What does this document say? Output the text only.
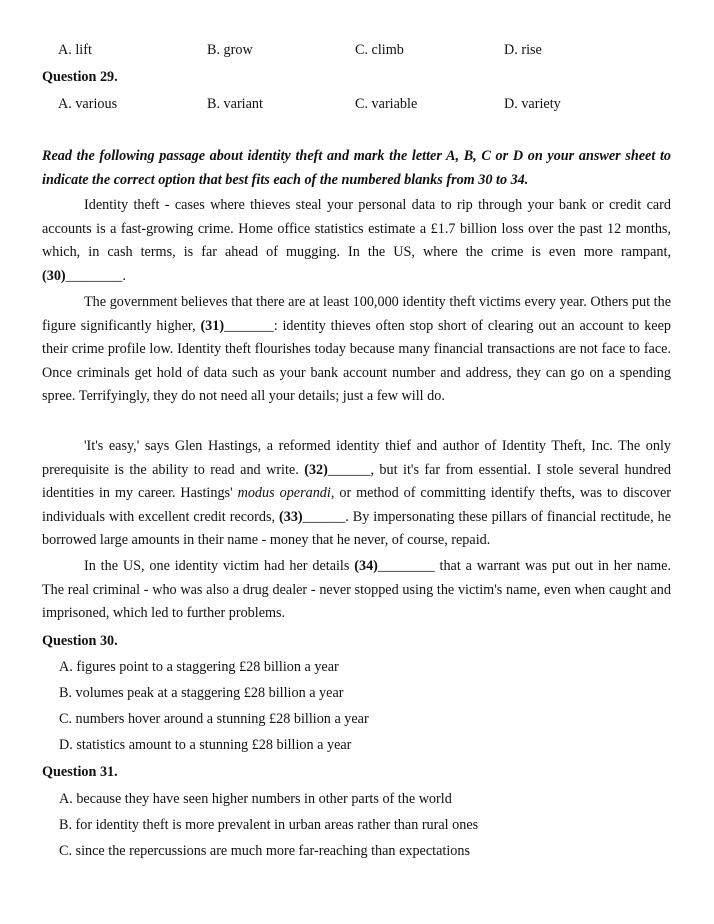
A. lift	B. grow	C. climb	D. rise
Question 29.
A. various	B. variant	C. variable	D. variety
Read the following passage about identity theft and mark the letter A, B, C or D on your answer sheet to indicate the correct option that best fits each of the numbered blanks from 30 to 34.

Identity theft - cases where thieves steal your personal data to rip through your bank or credit card accounts is a fast-growing crime. Home office statistics estimate a £1.7 billion loss over the past 12 months, which, in cash terms, is far ahead of mugging. In the US, where the crime is even more rampant, (30)________.

The government believes that there are at least 100,000 identity theft victims every year. Others put the figure significantly higher, (31)_______: identity thieves often stop short of clearing out an account to keep their crime profile low. Identity theft flourishes today because many financial transactions are not face to face. Once criminals get hold of data such as your bank account number and address, they can go on a spending spree. Terrifyingly, they do not need all your details; just a few will do.

'It's easy,' says Glen Hastings, a reformed identity thief and author of Identity Theft, Inc. The only prerequisite is the ability to read and write. (32)______, but it's far from essential. I stole several hundred identities in my career. Hastings' modus operandi, or method of committing identify thefts, was to discover individuals with excellent credit records, (33)______. By impersonating these pillars of financial rectitude, he borrowed large amounts in their name - money that he never, of course, repaid.

In the US, one identity victim had her details (34)________ that a warrant was put out in her name. The real criminal - who was also a drug dealer - never stopped using the victim's name, even when caught and imprisoned, which led to further problems.

Question 30.
A. figures point to a staggering £28 billion a year
B. volumes peak at a staggering £28 billion a year
C. numbers hover around a stunning £28 billion a year
D. statistics amount to a stunning £28 billion a year
Question 31.
A. because they have seen higher numbers in other parts of the world
B. for identity theft is more prevalent in urban areas rather than rural ones
C. since the repercussions are much more far-reaching than expectations
